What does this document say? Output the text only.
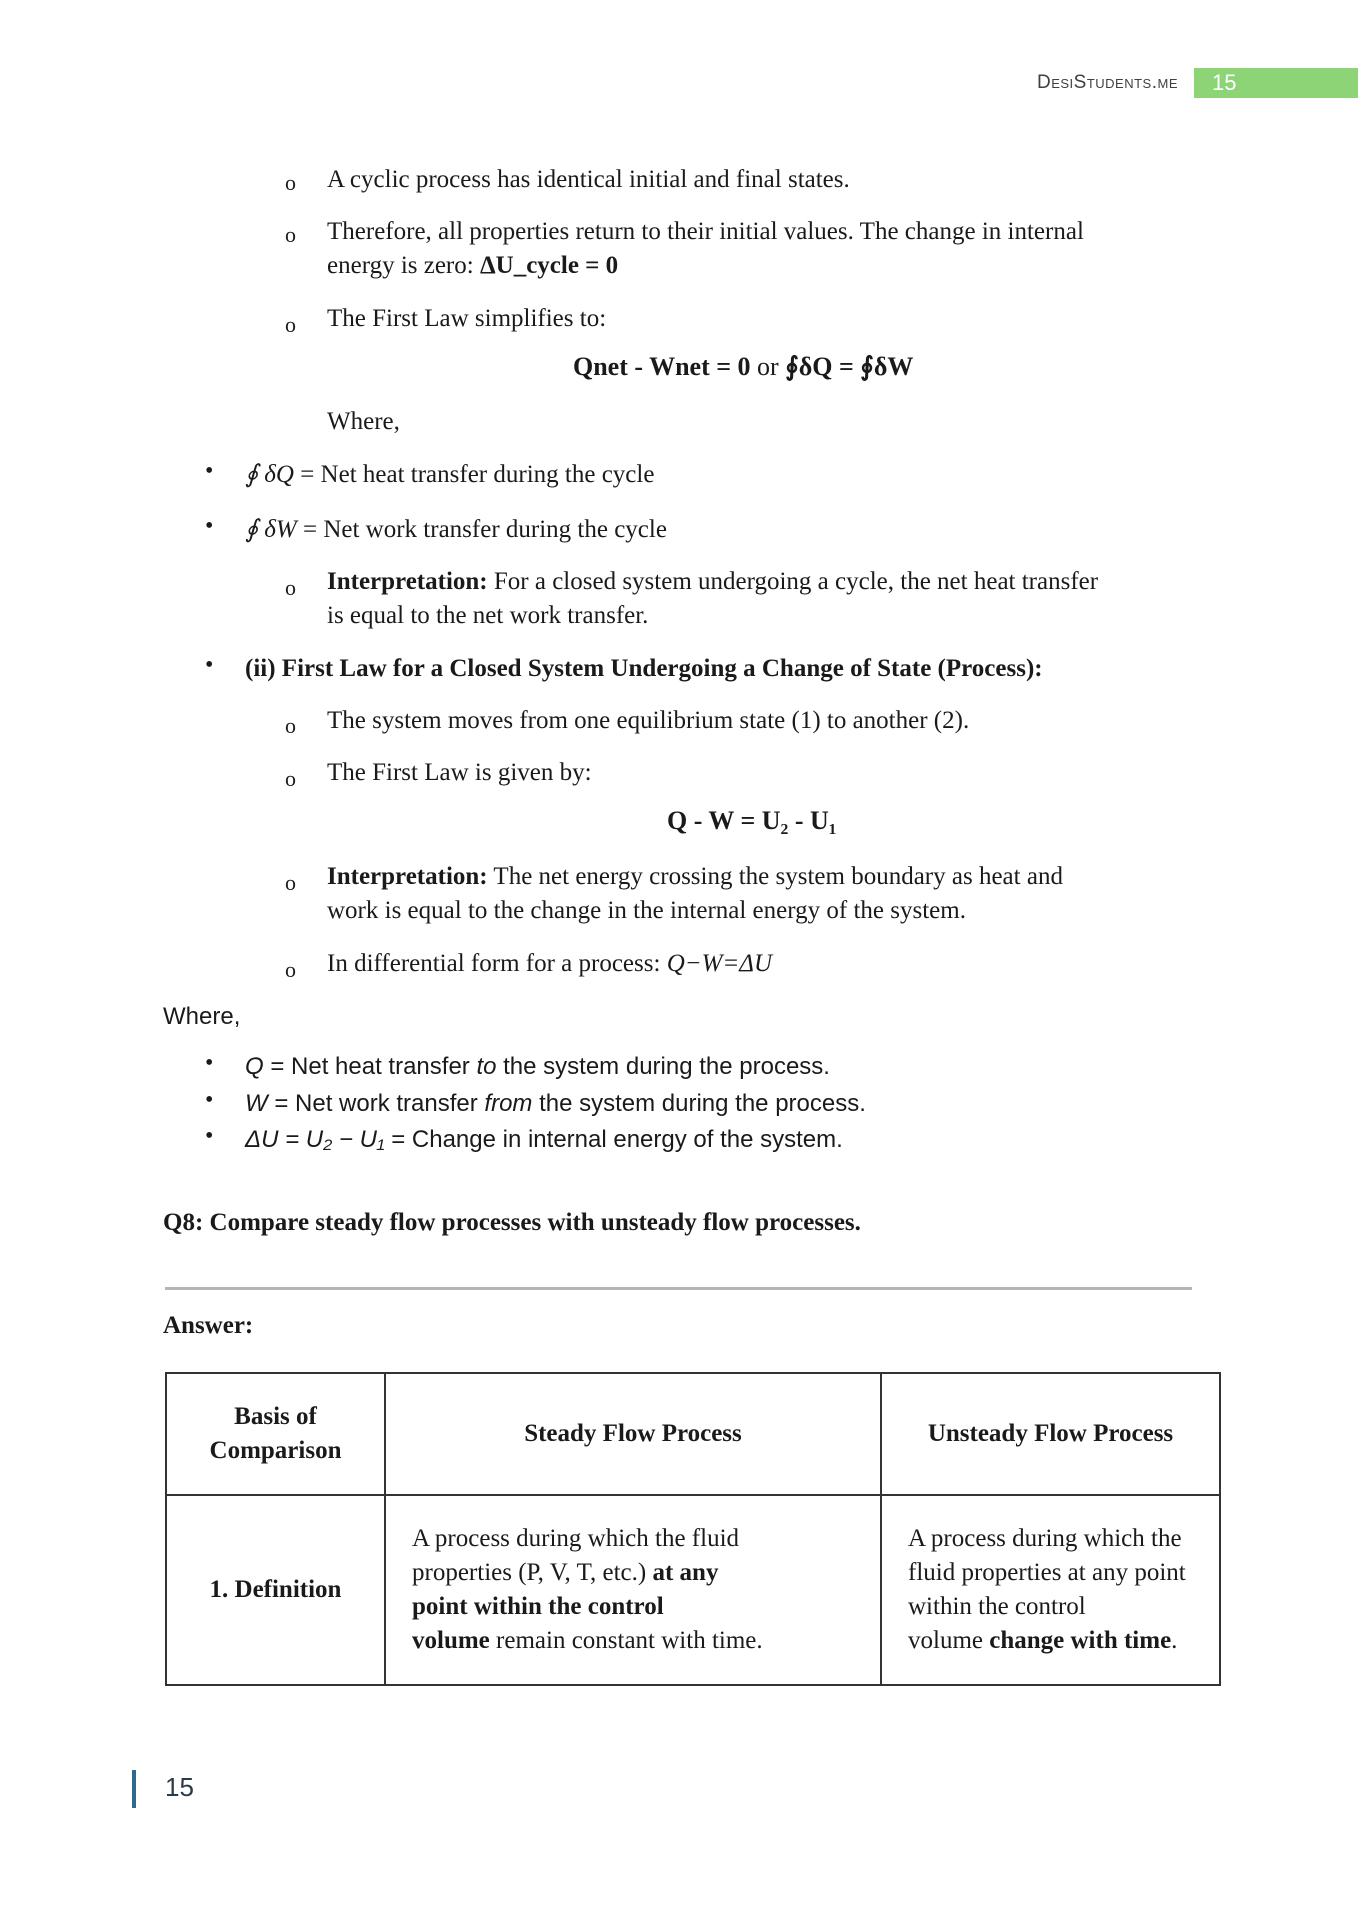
DesiStudents.me	15
o A cyclic process has identical initial and final states.
o Therefore, all properties return to their initial values. The change in internal
energy is zero: ΔU_cycle = 0
o The First Law simplifies to:
Qnet - Wnet = 0 or ∮δQ = ∮δW
Where,
• ∮ δQ = Net heat transfer during the cycle
• ∮ δW = Net work transfer during the cycle
o Interpretation: For a closed system undergoing a cycle, the net heat transfer
is equal to the net work transfer.
• (ii) First Law for a Closed System Undergoing a Change of State (Process):
o The system moves from one equilibrium state (1) to another (2).
o The First Law is given by:
Q - W = U₂ - U₁
o Interpretation: The net energy crossing the system boundary as heat and
work is equal to the change in the internal energy of the system.
o In differential form for a process: Q−W=ΔU
Where,
• Q = Net heat transfer to the system during the process.
• W = Net work transfer from the system during the process.
• ΔU = U₂ − U₁ = Change in internal energy of the system.
Q8: Compare steady flow processes with unsteady flow processes.
Answer:
Basis of
Comparison	Steady Flow Process	Unsteady Flow Process
1. Definition	A process during which the fluid
properties (P, V, T, etc.) at any
point within the control
volume remain constant with time.	A process during which the
fluid properties at any point
within the control
volume change with time.
15
